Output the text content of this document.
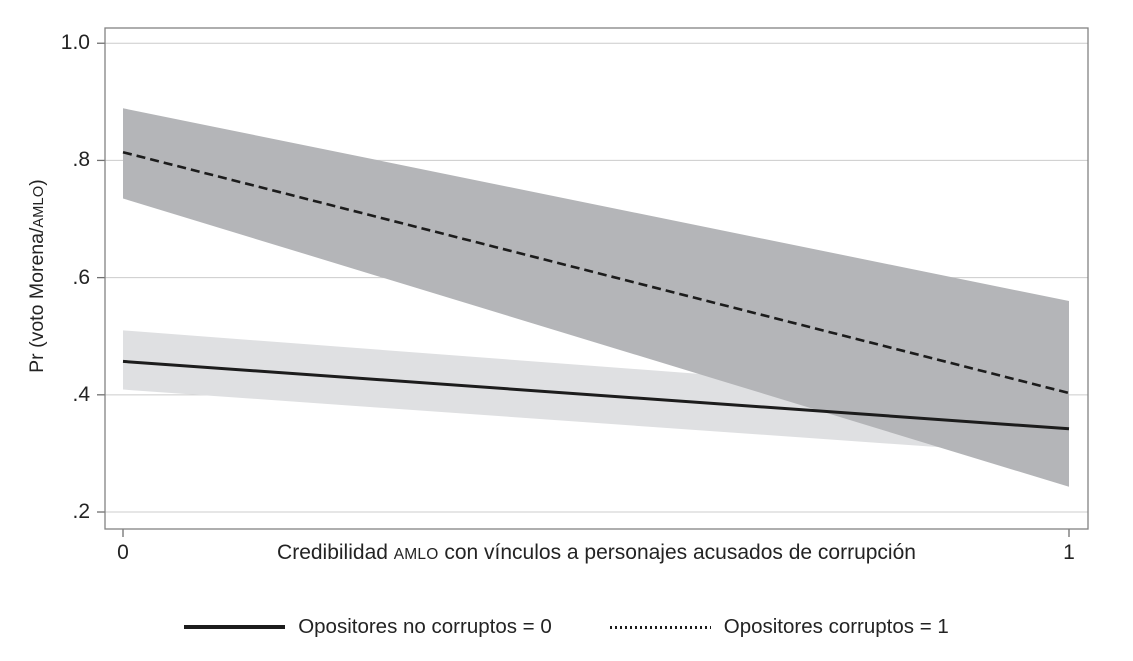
Pr (voto Morena/AMLO)
1.0
.8
.6
.4
.2
0	1
Credibilidad AMLO con vínculos a personajes acusados de corrupción
Opositores no corruptos = 0	Opositores corruptos = 1
